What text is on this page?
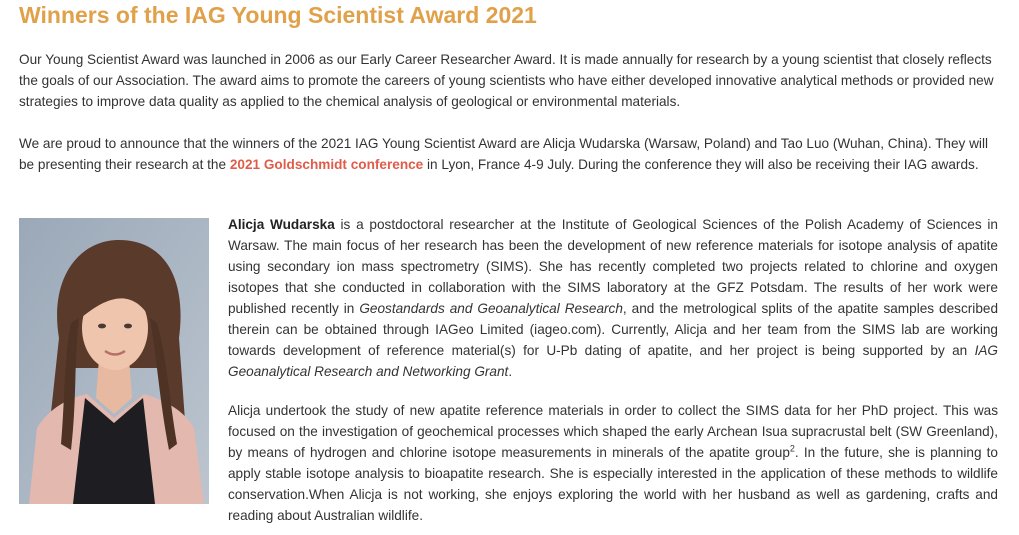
Winners of the IAG Young Scientist Award 2021

Our Young Scientist Award was launched in 2006 as our Early Career Researcher Award. It is made annually for research by a young scientist that closely reflects the goals of our Association. The award aims to promote the careers of young scientists who have either developed innovative analytical methods or provided new strategies to improve data quality as applied to the chemical analysis of geological or environmental materials.

We are proud to announce that the winners of the 2021 IAG Young Scientist Award are Alicja Wudarska (Warsaw, Poland) and Tao Luo (Wuhan, China). They will be presenting their research at the 2021 Goldschmidt conference in Lyon, France 4-9 July. During the conference they will also be receiving their IAG awards.

Alicja Wudarska is a postdoctoral researcher at the Institute of Geological Sciences of the Polish Academy of Sciences in Warsaw. The main focus of her research has been the development of new reference materials for isotope analysis of apatite using secondary ion mass spectrometry (SIMS). She has recently completed two projects related to chlorine and oxygen isotopes that she conducted in collaboration with the SIMS laboratory at the GFZ Potsdam. The results of her work were published recently in Geostandards and Geoanalytical Research, and the metrological splits of the apatite samples described therein can be obtained through IAGeo Limited (iageo.com). Currently, Alicja and her team from the SIMS lab are working towards development of reference material(s) for U-Pb dating of apatite, and her project is being supported by an IAG Geoanalytical Research and Networking Grant.

Alicja undertook the study of new apatite reference materials in order to collect the SIMS data for her PhD project. This was focused on the investigation of geochemical processes which shaped the early Archean Isua supracrustal belt (SW Greenland), by means of hydrogen and chlorine isotope measurements in minerals of the apatite group$^2$. In the future, she is planning to apply stable isotope analysis to bioapatite research. She is especially interested in the application of these methods to wildlife conservation.When Alicja is not working, she enjoys exploring the world with her husband as well as gardening, crafts and reading about Australian wildlife.
